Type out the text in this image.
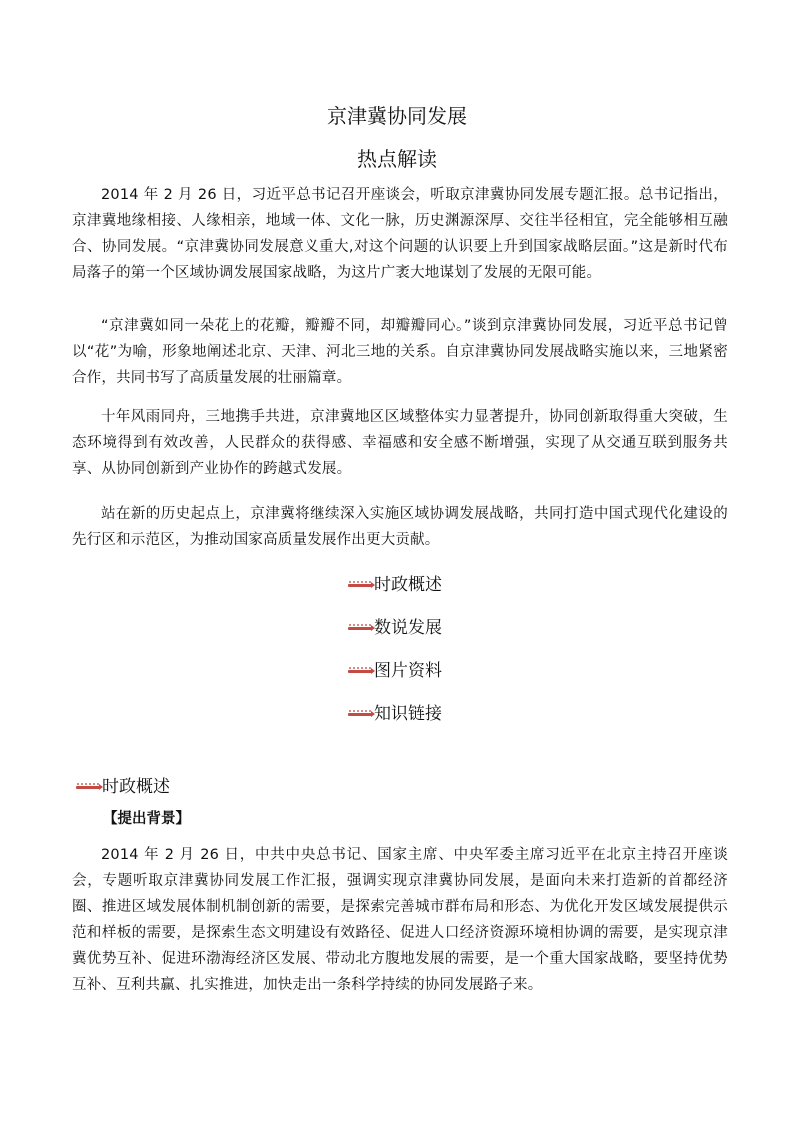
京津冀协同发展
热点解读

2014 年 2 月 26 日，习近平总书记召开座谈会，听取京津冀协同发展专题汇报。总书记指出，京津冀地缘相接、人缘相亲，地域一体、文化一脉，历史渊源深厚、交往半径相宜，完全能够相互融合、协同发展。“京津冀协同发展意义重大,对这个问题的认识要上升到国家战略层面。”这是新时代布局落子的第一个区域协调发展国家战略，为这片广袤大地谋划了发展的无限可能。

“京津冀如同一朵花上的花瓣，瓣瓣不同，却瓣瓣同心。”谈到京津冀协同发展，习近平总书记曾以“花”为喻，形象地阐述北京、天津、河北三地的关系。自京津冀协同发展战略实施以来，三地紧密合作，共同书写了高质量发展的壮丽篇章。

十年风雨同舟，三地携手共进，京津冀地区区域整体实力显著提升，协同创新取得重大突破，生态环境得到有效改善，人民群众的获得感、幸福感和安全感不断增强，实现了从交通互联到服务共享、从协同创新到产业协作的跨越式发展。

站在新的历史起点上，京津冀将继续深入实施区域协调发展战略，共同打造中国式现代化建设的先行区和示范区，为推动国家高质量发展作出更大贡献。

时政概述
数说发展
图片资料
知识链接
时政概述

【提出背景】

2014 年 2 月 26 日，中共中央总书记、国家主席、中央军委主席习近平在北京主持召开座谈会，专题听取京津冀协同发展工作汇报，强调实现京津冀协同发展，是面向未来打造新的首都经济圈、推进区域发展体制机制创新的需要，是探索完善城市群布局和形态、为优化开发区域发展提供示范和样板的需要，是探索生态文明建设有效路径、促进人口经济资源环境相协调的需要，是实现京津冀优势互补、促进环渤海经济区发展、带动北方腹地发展的需要，是一个重大国家战略，要坚持优势互补、互利共赢、扎实推进，加快走出一条科学持续的协同发展路子来。
